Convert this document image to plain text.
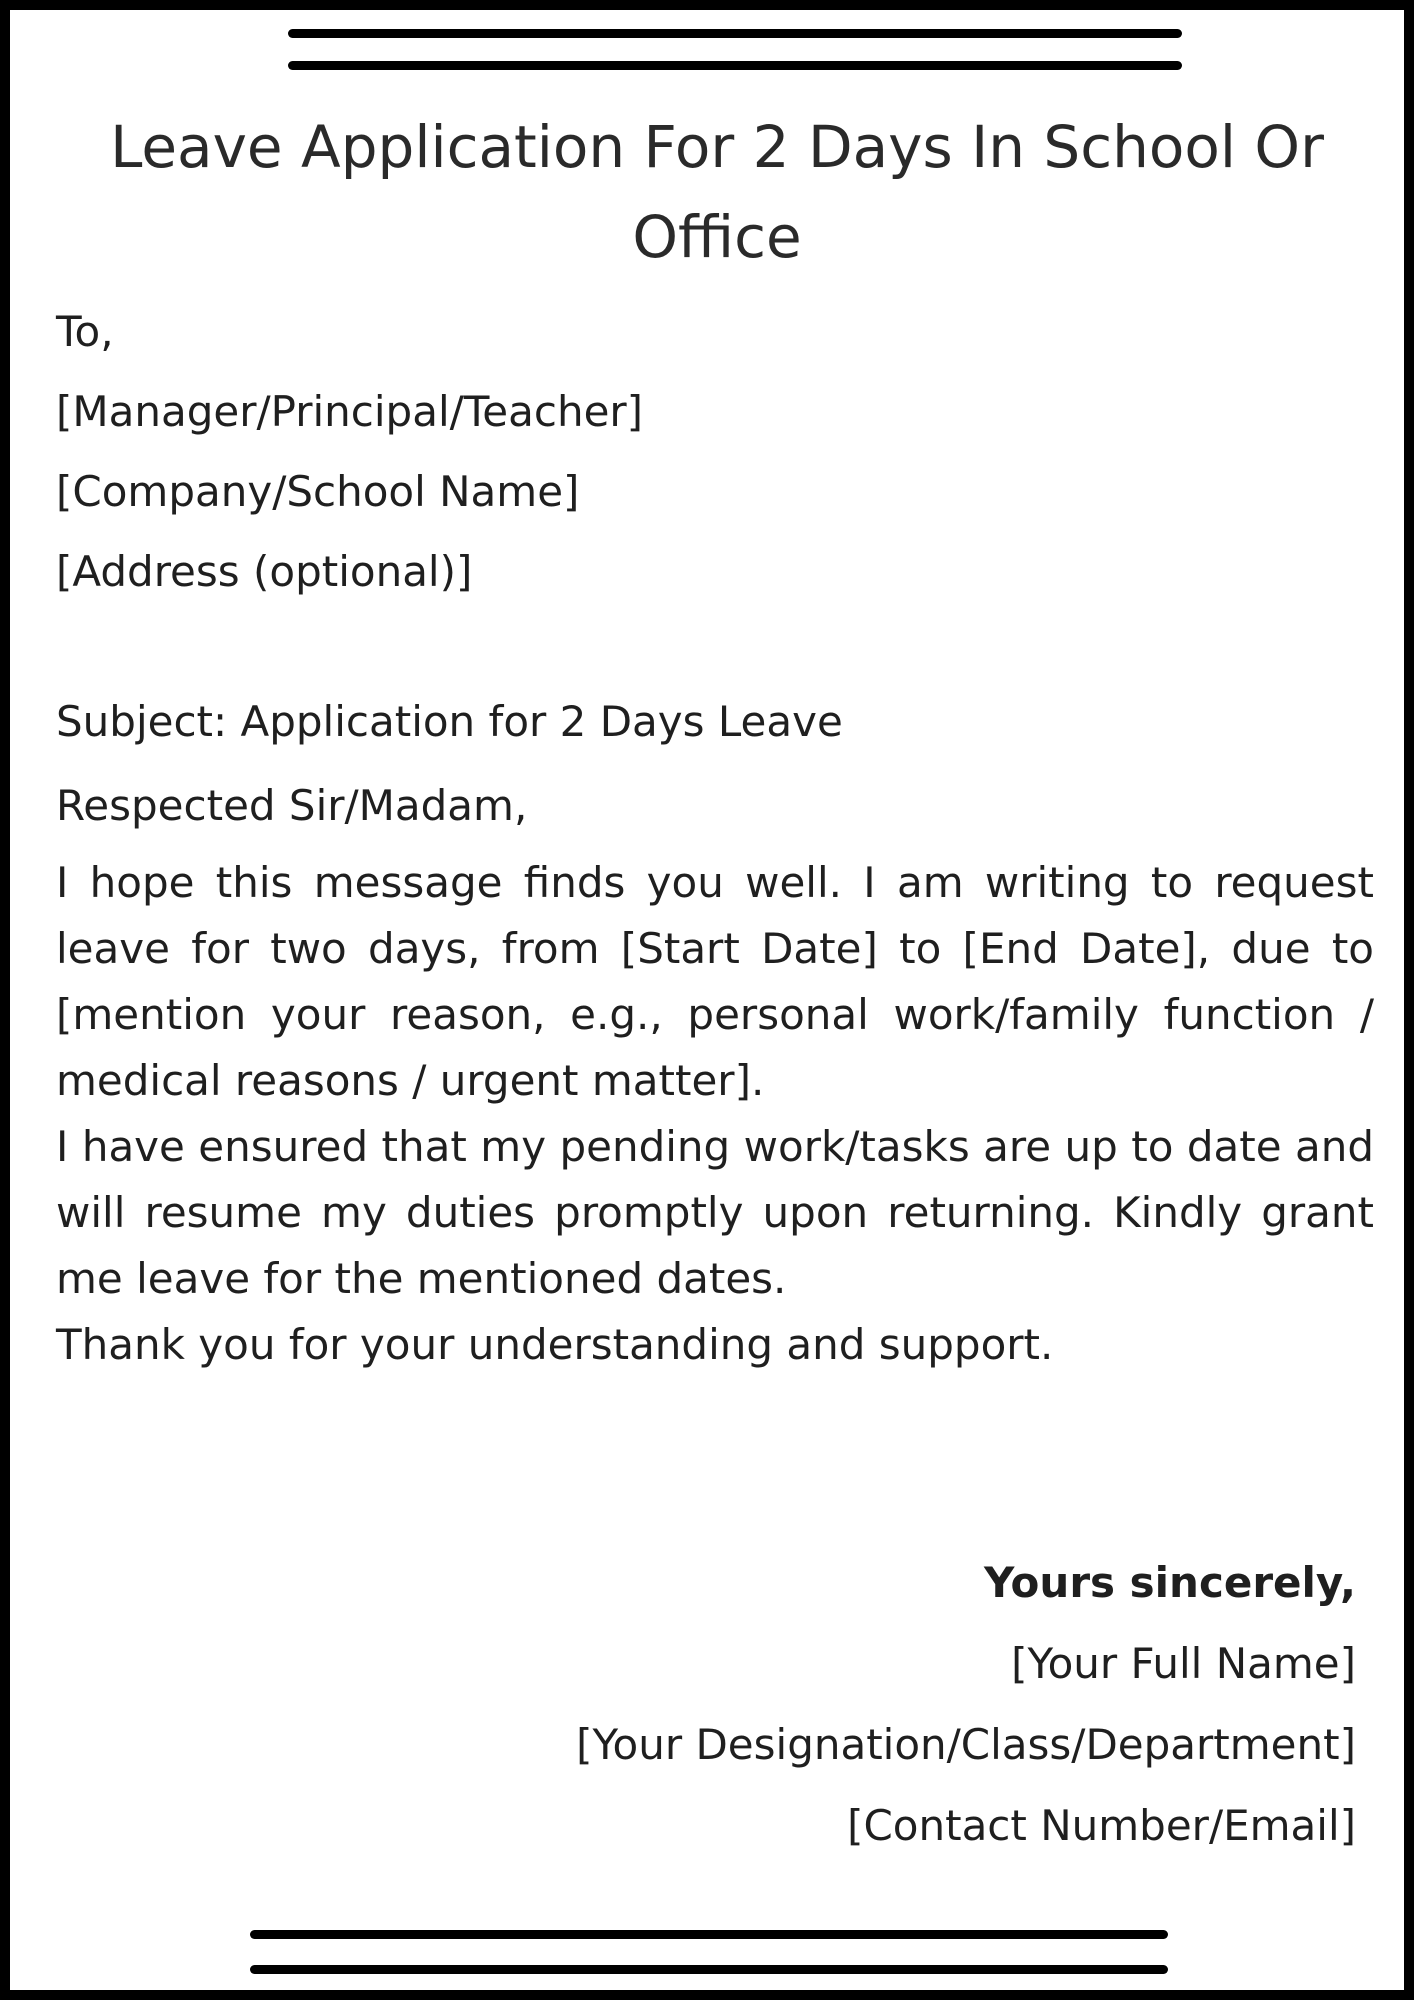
Leave Application For 2 Days In School Or Office
To,
[Manager/Principal/Teacher]
[Company/School Name]
[Address (optional)]
Subject: Application for 2 Days Leave
Respected Sir/Madam,

I hope this message finds you well. I am writing to request leave for two days, from [Start Date] to [End Date], due to [mention your reason, e.g., personal work/family function / medical reasons / urgent matter].

I have ensured that my pending work/tasks are up to date and will resume my duties promptly upon returning. Kindly grant me leave for the mentioned dates.

Thank you for your understanding and support.

Yours sincerely,
[Your Full Name]
[Your Designation/Class/Department]
[Contact Number/Email]
